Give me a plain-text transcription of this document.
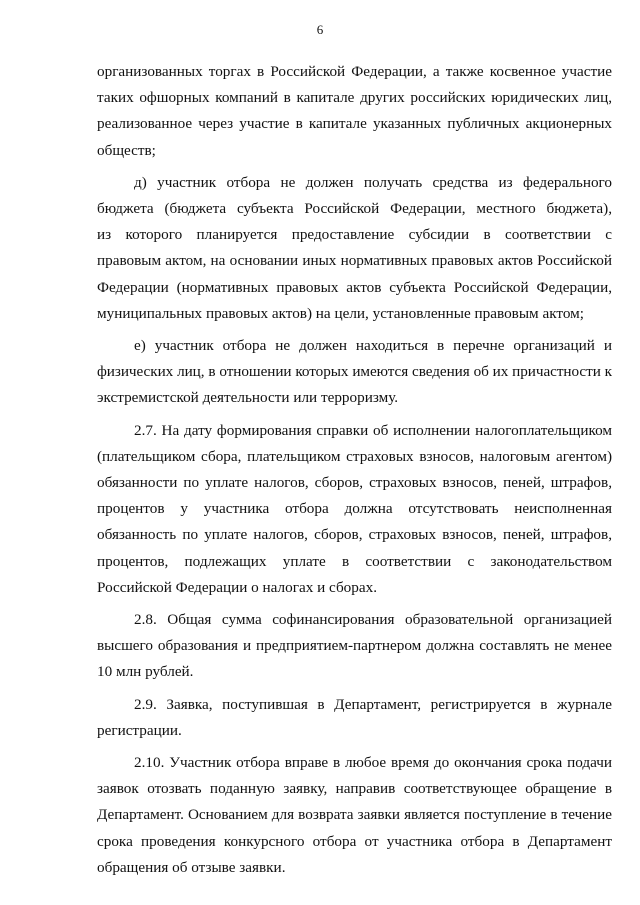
6
организованных торгах в Российской Федерации, а также косвенное участие
таких офшорных компаний в капитале других российских юридических лиц,
реализованное через участие в капитале указанных публичных акционерных
обществ;
д) участник отбора не должен получать средства из федерального
бюджета (бюджета субъекта Российской Федерации, местного бюджета),
из которого планируется предоставление субсидии в соответствии с
правовым актом, на основании иных нормативных правовых актов Российской
Федерации (нормативных правовых актов субъекта Российской Федерации,
муниципальных правовых актов) на цели, установленные правовым актом;
е) участник отбора не должен находиться в перечне организаций и
физических лиц, в отношении которых имеются сведения об их причастности к
экстремистской деятельности или терроризму.
2.7. На дату формирования справки об исполнении налогоплательщиком
(плательщиком сбора, плательщиком страховых взносов, налоговым агентом)
обязанности по уплате налогов, сборов, страховых взносов, пеней, штрафов,
процентов у участника отбора должна отсутствовать неисполненная
обязанность по уплате налогов, сборов, страховых взносов, пеней, штрафов,
процентов, подлежащих уплате в соответствии с законодательством
Российской Федерации о налогах и сборах.
2.8. Общая сумма софинансирования образовательной организацией
высшего образования и предприятием-партнером должна составлять не менее
10 млн рублей.
2.9. Заявка, поступившая в Департамент, регистрируется в журнале
регистрации.
2.10. Участник отбора вправе в любое время до окончания срока подачи
заявок отозвать поданную заявку, направив соответствующее обращение в
Департамент. Основанием для возврата заявки является поступление в течение
срока проведения конкурсного отбора от участника отбора в Департамент
обращения об отзыве заявки.
